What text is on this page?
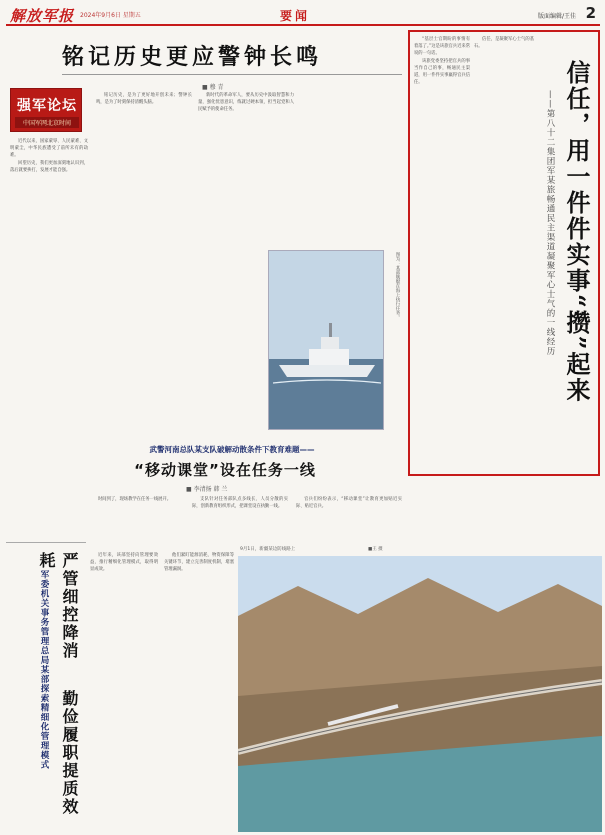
解放军报 2024年9月6日 星期五	要闻	版面编辑/王佳 2
铭记历史更应警钟长鸣
■ 穆 青
强军论坛
中国军网北京时间

近代以来，国家蒙辱、人民蒙难、文明蒙尘，中华民族遭受了前所未有的劫难。

回望历史，我们更加深刻地认识到，落后就要挨打，发展才能自强。

铭记历史，是为了更好地开创未来；警钟长鸣，是为了时刻保持清醒头脑。

新时代的革命军人，要从历史中汲取智慧和力量，强化忧患意识，练就过硬本领，担当起党和人民赋予的使命任务。

图为：某部舰艇在海上执行任务。
武警河南总队某支队破解动散条件下教育难题——
“移动课堂”设在任务一线
■ 李清扬 韩 兰

时间到了，现场教学在任务一线展开。	支队针对任务部队点多线长、人员分散的实际，创新教育组织形式，把课堂设在执勤一线。

官兵们纷纷表示，“移动课堂”让教育更加贴近实际、贴近官兵。

“基层士官期盼的事情有着落了。”这是该旅官兵近来常说的一句话。

该旅党委坚持把官兵的事当作自己的事，畅通民主渠道，用一件件实事赢得官兵信任。

信任，是凝聚军心士气的基石。

——第八十二集团军某旅畅通民主渠道凝聚军心士气的一线经历 信任，用一件件实事“攒”起来
军委机关事务管理总局某部探索精细化管理模式 严管细控降消耗
勤俭履职提质效

近年来，该部坚持向管理要效益，推行精细化管理模式，取得明显成效。

他们紧盯能源消耗、物资保障等关键环节，建立完善制度机制，堵塞管理漏洞。

9月1日，新疆某边防线路上	■王 摄
